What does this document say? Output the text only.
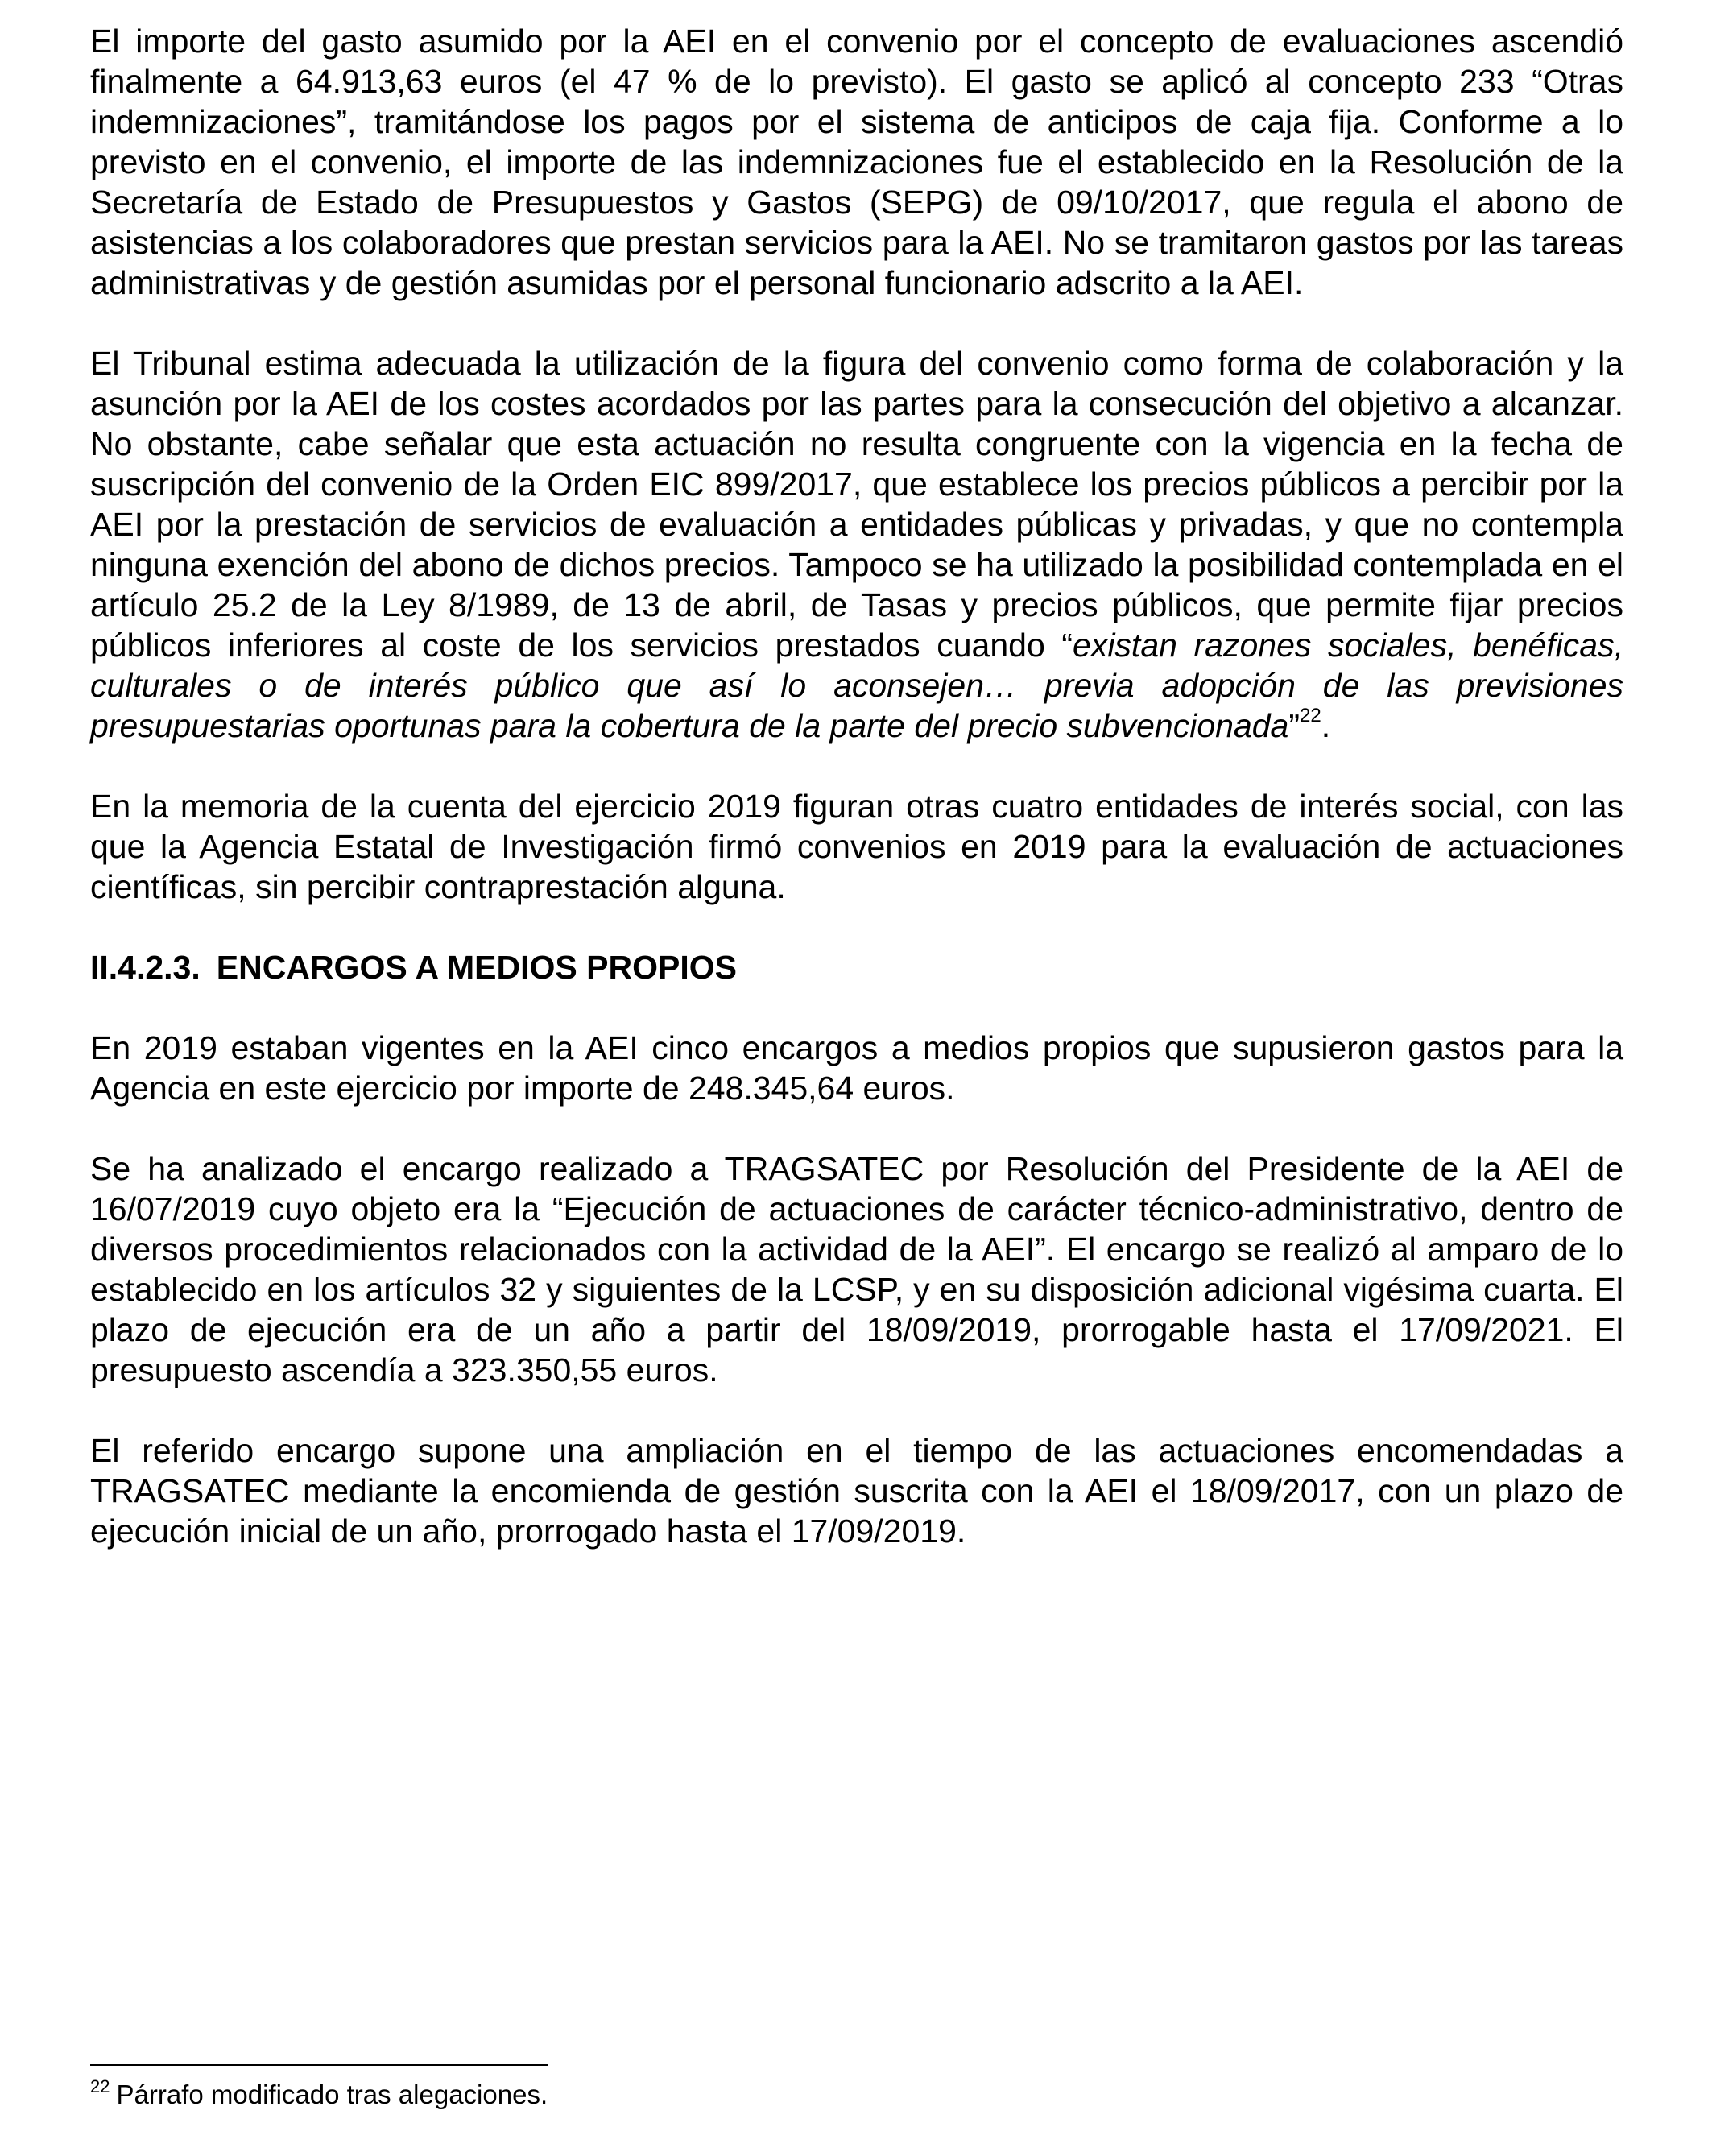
El importe del gasto asumido por la AEI en el convenio por el concepto de evaluaciones ascendió finalmente a 64.913,63 euros (el 47 % de lo previsto). El gasto se aplicó al concepto 233 “Otras indemnizaciones”, tramitándose los pagos por el sistema de anticipos de caja fija. Conforme a lo previsto en el convenio, el importe de las indemnizaciones fue el establecido en la Resolución de la Secretaría de Estado de Presupuestos y Gastos (SEPG) de 09/10/2017, que regula el abono de asistencias a los colaboradores que prestan servicios para la AEI. No se tramitaron gastos por las tareas administrativas y de gestión asumidas por el personal funcionario adscrito a la AEI.

El Tribunal estima adecuada la utilización de la figura del convenio como forma de colaboración y la asunción por la AEI de los costes acordados por las partes para la consecución del objetivo a alcanzar. No obstante, cabe señalar que esta actuación no resulta congruente con la vigencia en la fecha de suscripción del convenio de la Orden EIC 899/2017, que establece los precios públicos a percibir por la AEI por la prestación de servicios de evaluación a entidades públicas y privadas, y que no contempla ninguna exención del abono de dichos precios. Tampoco se ha utilizado la posibilidad contemplada en el artículo 25.2 de la Ley 8/1989, de 13 de abril, de Tasas y precios públicos, que permite fijar precios públicos inferiores al coste de los servicios prestados cuando “existan razones sociales, benéficas, culturales o de interés público que así lo aconsejen… previa adopción de las previsiones presupuestarias oportunas para la cobertura de la parte del precio subvencionada”$^{22}$.

En la memoria de la cuenta del ejercicio 2019 figuran otras cuatro entidades de interés social, con las que la Agencia Estatal de Investigación firmó convenios en 2019 para la evaluación de actuaciones científicas, sin percibir contraprestación alguna.

II.4.2.3. ENCARGOS A MEDIOS PROPIOS

En 2019 estaban vigentes en la AEI cinco encargos a medios propios que supusieron gastos para la Agencia en este ejercicio por importe de 248.345,64 euros.

Se ha analizado el encargo realizado a TRAGSATEC por Resolución del Presidente de la AEI de 16/07/2019 cuyo objeto era la “Ejecución de actuaciones de carácter técnico-administrativo, dentro de diversos procedimientos relacionados con la actividad de la AEI”. El encargo se realizó al amparo de lo establecido en los artículos 32 y siguientes de la LCSP, y en su disposición adicional vigésima cuarta. El plazo de ejecución era de un año a partir del 18/09/2019, prorrogable hasta el 17/09/2021. El presupuesto ascendía a 323.350,55 euros.

El referido encargo supone una ampliación en el tiempo de las actuaciones encomendadas a TRAGSATEC mediante la encomienda de gestión suscrita con la AEI el 18/09/2017, con un plazo de ejecución inicial de un año, prorrogado hasta el 17/09/2019.

$^{22}$ Párrafo modificado tras alegaciones.
